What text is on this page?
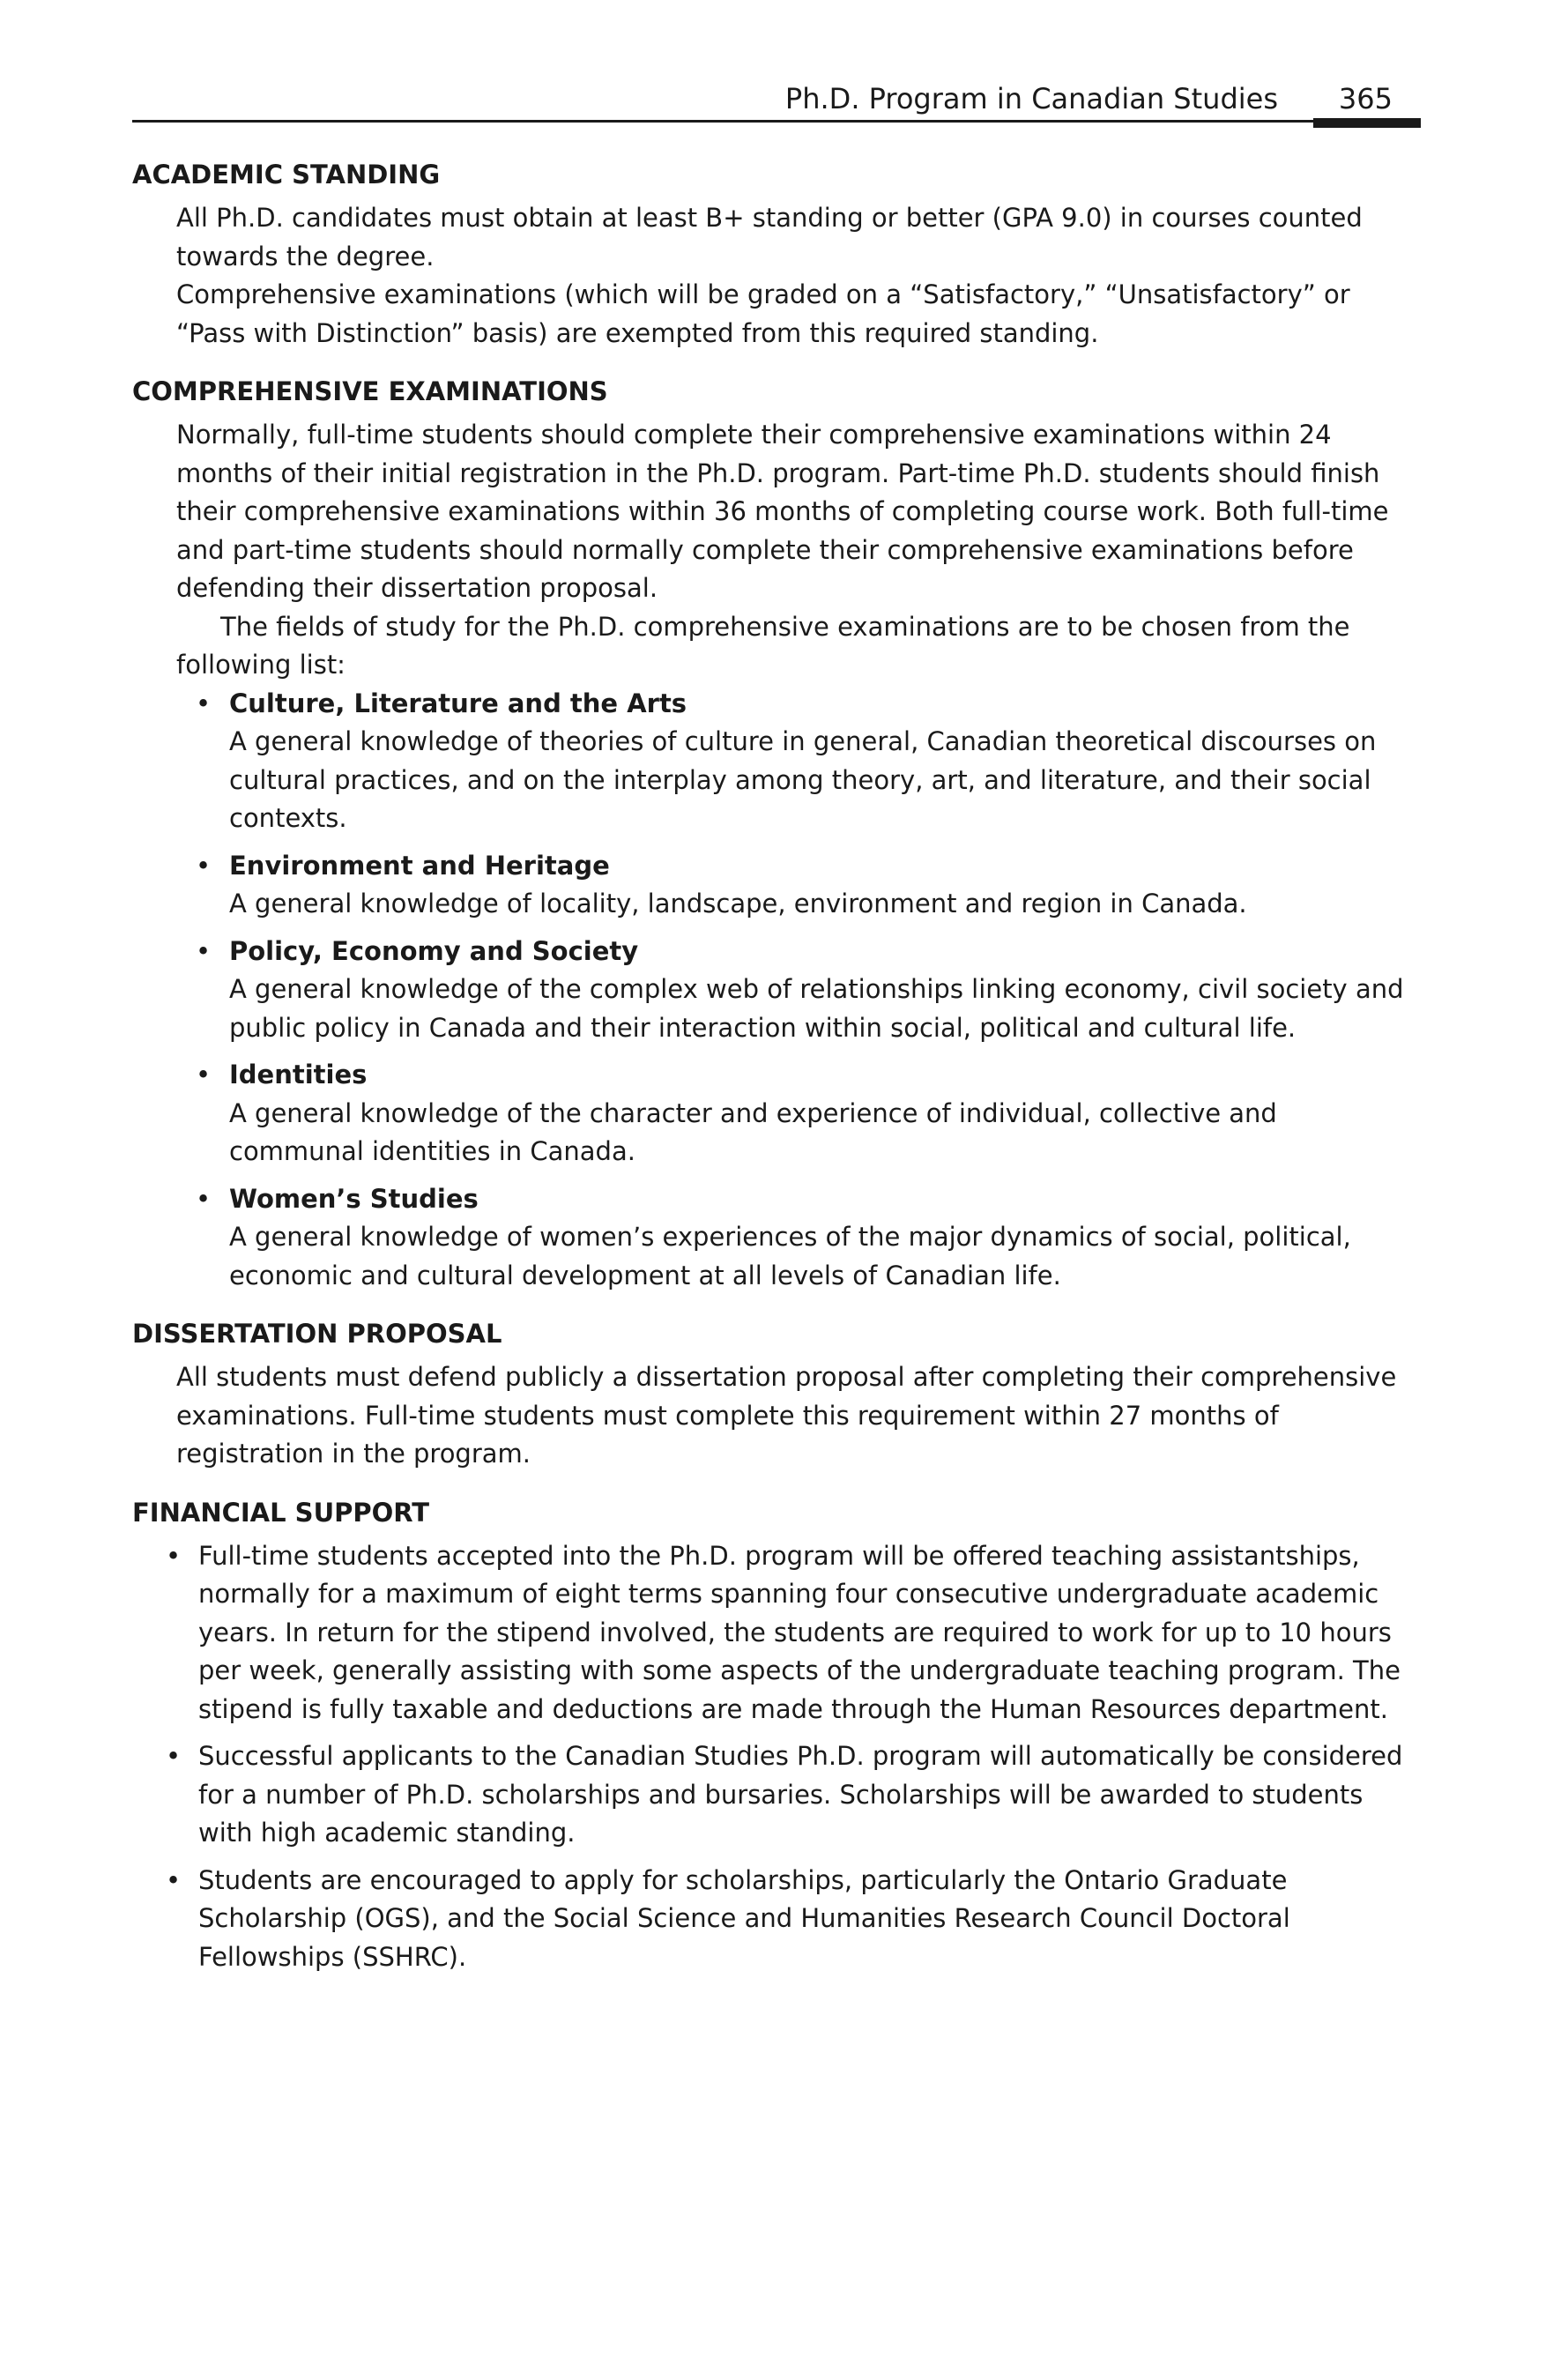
Ph.D. Program in Canadian Studies 365
ACADEMIC STANDING

All Ph.D. candidates must obtain at least B+ standing or better (GPA 9.0) in courses counted towards the degree.

Comprehensive examinations (which will be graded on a “Satisfactory,” “Unsatisfactory” or “Pass with Distinction” basis) are exempted from this required standing.

COMPREHENSIVE EXAMINATIONS

Normally, full-time students should complete their comprehensive examinations within 24 months of their initial registration in the Ph.D. program. Part-time Ph.D. students should finish their comprehensive examinations within 36 months of completing course work. Both full-time and part-time students should normally complete their comprehensive examinations before defending their dissertation proposal.

The fields of study for the Ph.D. comprehensive examinations are to be chosen from the following list:

• Culture, Literature and the Arts
A general knowledge of theories of culture in general, Canadian theoretical discourses on cultural practices, and on the interplay among theory, art, and literature, and their social contexts.
• Environment and Heritage
A general knowledge of locality, landscape, environment and region in Canada.
• Policy, Economy and Society
A general knowledge of the complex web of relationships linking economy, civil society and public policy in Canada and their interaction within social, political and cultural life.
• Identities
A general knowledge of the character and experience of individual, collective and communal identities in Canada.
• Women’s Studies
A general knowledge of women’s experiences of the major dynamics of social, political, economic and cultural development at all levels of Canadian life.
DISSERTATION PROPOSAL

All students must defend publicly a dissertation proposal after completing their comprehensive examinations. Full-time students must complete this requirement within 27 months of registration in the program.

FINANCIAL SUPPORT
• Full-time students accepted into the Ph.D. program will be offered teaching assistantships, normally for a maximum of eight terms spanning four consecutive undergraduate academic years. In return for the stipend involved, the students are required to work for up to 10 hours per week, generally assisting with some aspects of the undergraduate teaching program. The stipend is fully taxable and deductions are made through the Human Resources department.
• Successful applicants to the Canadian Studies Ph.D. program will automatically be considered for a number of Ph.D. scholarships and bursaries. Scholarships will be awarded to students with high academic standing.
• Students are encouraged to apply for scholarships, particularly the Ontario Graduate Scholarship (OGS), and the Social Science and Humanities Research Council Doctoral Fellowships (SSHRC).
